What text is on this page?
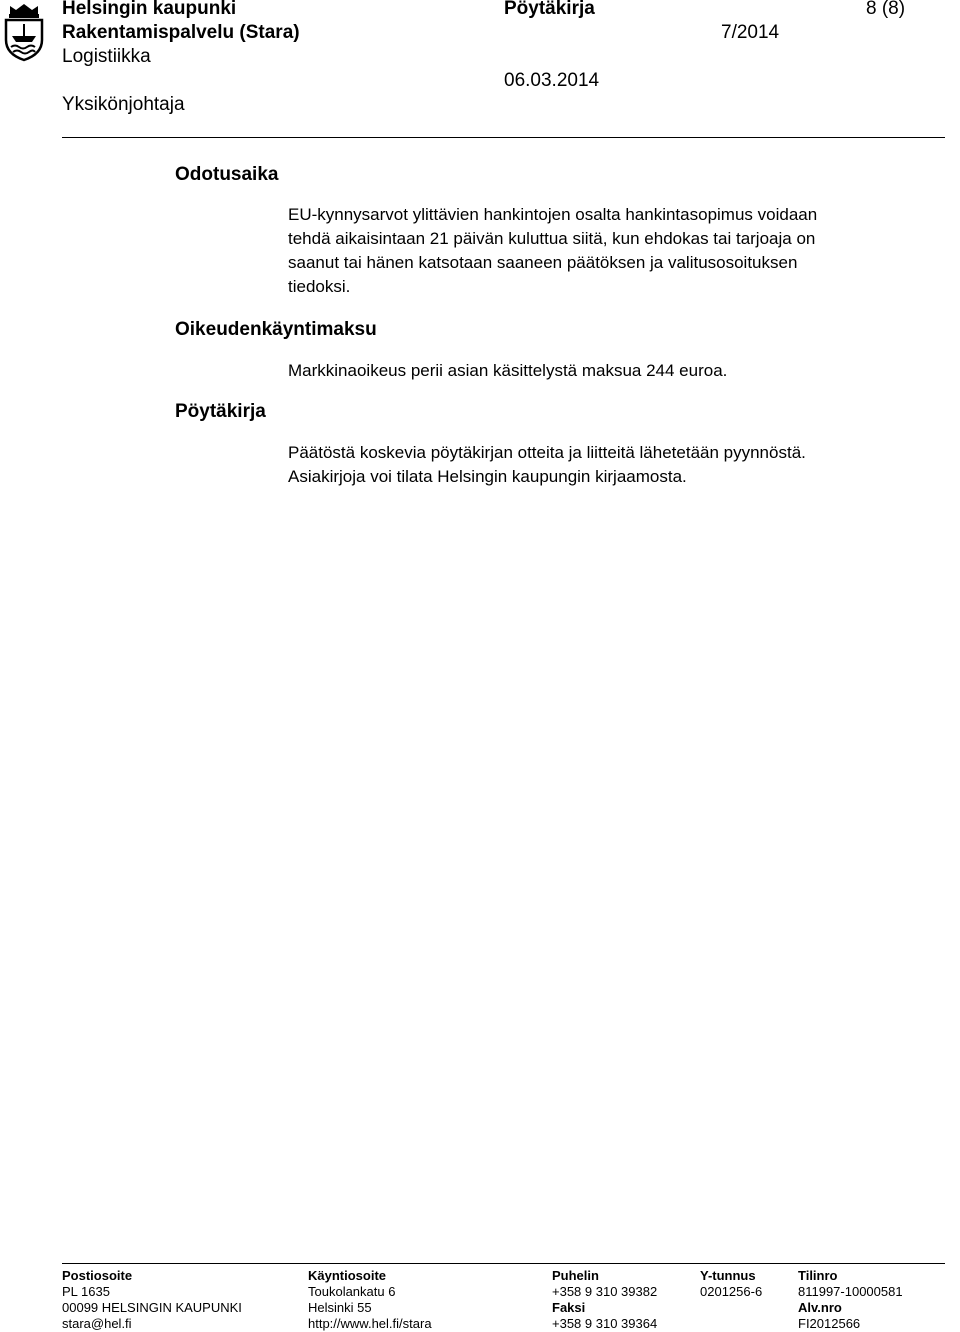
Helsingin kaupunki
Rakentamispalvelu (Stara)
Logistiikka
Yksikönjohtaja
Pöytäkirja
7/2014
06.03.2014
8 (8)
Odotusaika
Oikeudenkäyntimaksu
Pöytäkirja

EU-kynnysarvot ylittävien hankintojen osalta hankintasopimus voidaan

tehdä aikaisintaan 21 päivän kuluttua siitä, kun ehdokas tai tarjoaja on

saanut tai hänen katsotaan saaneen päätöksen ja valitusosoituksen

tiedoksi.

Markkinaoikeus perii asian käsittelystä maksua 244 euroa.

Päätöstä koskevia pöytäkirjan otteita ja liitteitä lähetetään pyynnöstä.

Asiakirjoja voi tilata Helsingin kaupungin kirjaamosta.

Postiosoite
PL 1635
00099 HELSINGIN KAUPUNKI
stara@hel.fi
Käyntiosoite
Toukolankatu 6
Helsinki 55
http://www.hel.fi/stara
Puhelin
+358 9 310 39382
Faksi
+358 9 310 39364
Y-tunnus
0201256-6
Tilinro
811997-10000581
Alv.nro
FI2012566
